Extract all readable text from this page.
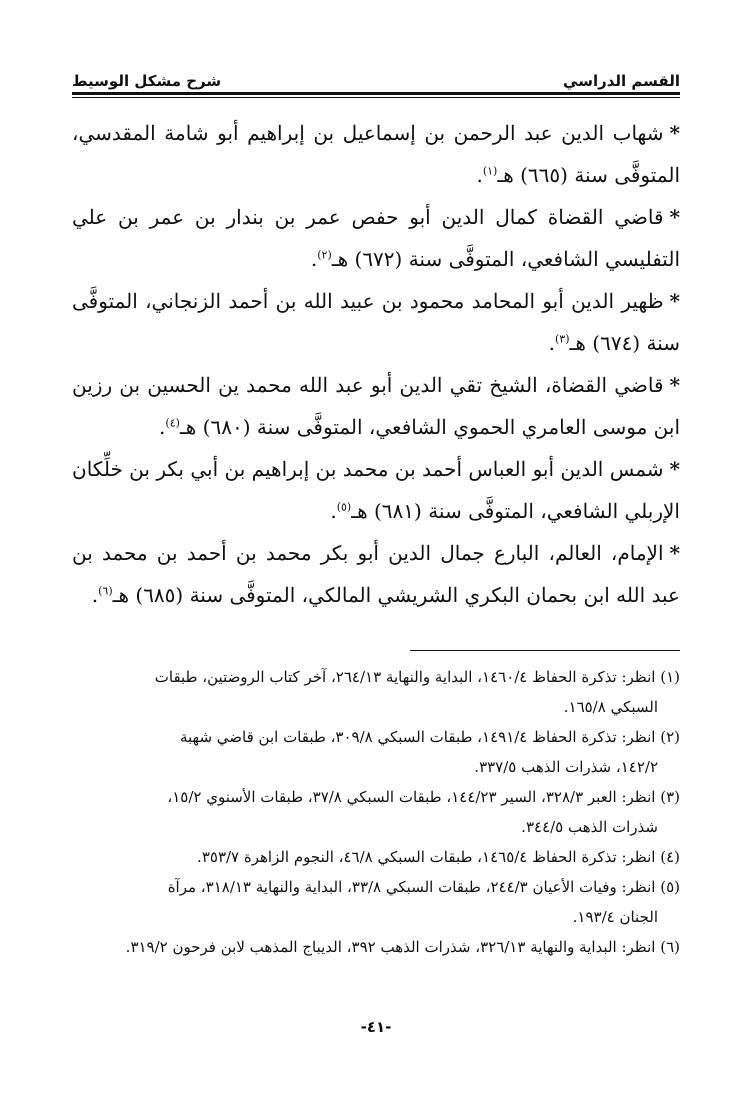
القسم الدراسي
شرح مشكل الوسيط

*شهاب الدين عبد الرحمن بن إسماعيل بن إبراهيم أبو شامة المقدسي، المتوفَّى سنة (٦٦٥) هـ$^{(١)}$.

*قاضي القضاة كمال الدين أبو حفص عمر بن بندار بن عمر بن علي التفليسي الشافعي، المتوفَّى سنة (٦٧٢) هـ$^{(٢)}$.

*ظهير الدين أبو المحامد محمود بن عبيد الله بن أحمد الزنجاني، المتوفَّى سنة (٦٧٤) هـ$^{(٣)}$.

*قاضي القضاة، الشيخ تقي الدين أبو عبد الله محمد ين الحسين بن رزين ابن موسى العامري الحموي الشافعي، المتوفَّى سنة (٦٨٠) هـ$^{(٤)}$.

*شمس الدين أبو العباس أحمد بن محمد بن إبراهيم بن أبي بكر بن خلِّكان الإربلي الشافعي، المتوفَّى سنة (٦٨١) هـ$^{(٥)}$.

*الإمام، العالم، البارع جمال الدين أبو بكر محمد بن أحمد بن محمد بن عبد الله ابن بحمان البكري الشريشي المالكي، المتوفَّى سنة (٦٨٥) هـ$^{(٦)}$.

(١) انظر: تذكرة الحفاظ ١٤٦٠/٤، البداية والنهاية ٢٦٤/١٣، آخر كتاب الروضتين، طبقات
السبكي ١٦٥/٨.

(٢) انظر: تذكرة الحفاظ ١٤٩١/٤، طبقات السبكي ٣٠٩/٨، طبقات ابن قاضي شهبة
١٤٢/٢، شذرات الذهب ٣٣٧/٥.

(٣) انظر: العبر ٣٢٨/٣، السير ١٤٤/٢٣، طبقات السبكي ٣٧/٨، طبقات الأسنوي ١٥/٢،
شذرات الذهب ٣٤٤/٥.

(٤) انظر: تذكرة الحفاظ ١٤٦٥/٤، طبقات السبكي ٤٦/٨، النجوم الزاهرة ٣٥٣/٧.

(٥) انظر: وفيات الأعيان ٢٤٤/٣، طبقات السبكي ٣٣/٨، البداية والنهاية ٣١٨/١٣، مرآة
الجنان ١٩٣/٤.

(٦) انظر: البداية والنهاية ٣٢٦/١٣، شذرات الذهب ٣٩٢، الديباج المذهب لابن فرحون ٣١٩/٢.

-٤١-
